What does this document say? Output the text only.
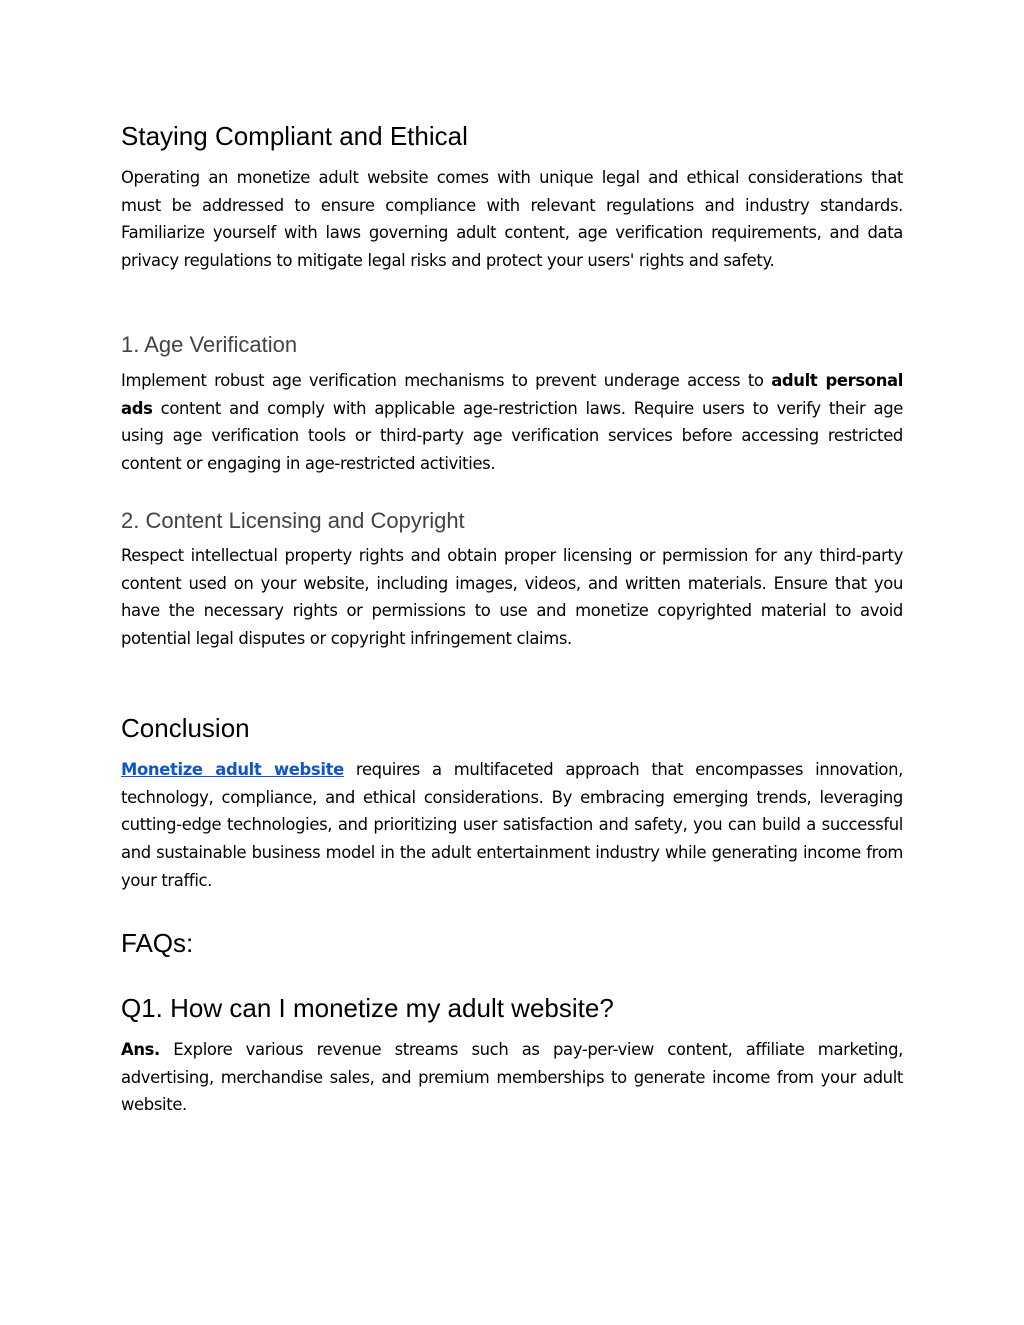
Staying Compliant and Ethical

Operating an monetize adult website comes with unique legal and ethical considerations that must be addressed to ensure compliance with relevant regulations and industry standards. Familiarize yourself with laws governing adult content, age verification requirements, and data privacy regulations to mitigate legal risks and protect your users' rights and safety.

1. Age Verification

Implement robust age verification mechanisms to prevent underage access to adult personal ads content and comply with applicable age-restriction laws. Require users to verify their age using age verification tools or third-party age verification services before accessing restricted content or engaging in age-restricted activities.

2. Content Licensing and Copyright

Respect intellectual property rights and obtain proper licensing or permission for any third-party content used on your website, including images, videos, and written materials. Ensure that you have the necessary rights or permissions to use and monetize copyrighted material to avoid potential legal disputes or copyright infringement claims.

Conclusion

Monetize adult website requires a multifaceted approach that encompasses innovation, technology, compliance, and ethical considerations. By embracing emerging trends, leveraging cutting-edge technologies, and prioritizing user satisfaction and safety, you can build a successful and sustainable business model in the adult entertainment industry while generating income from your traffic.

FAQs:
Q1. How can I monetize my adult website?

Ans. Explore various revenue streams such as pay-per-view content, affiliate marketing, advertising, merchandise sales, and premium memberships to generate income from your adult website.
